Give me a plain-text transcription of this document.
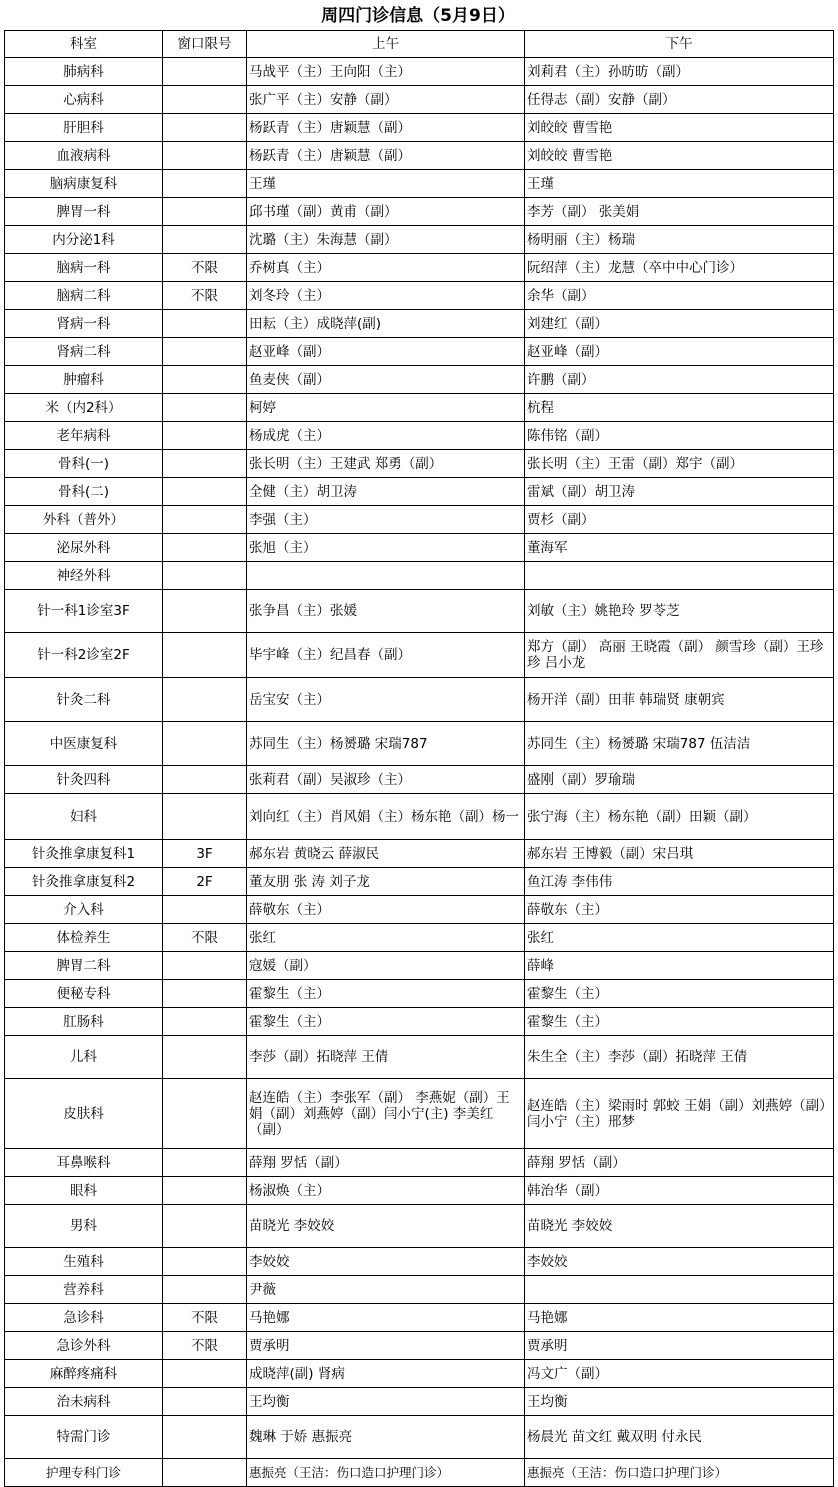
周四门诊信息（5月9日）
科室	窗口限号	上午	下午
肺病科		马战平（主）王向阳（主）	刘莉君（主）孙昉昉（副）
心病科		张广平（主）安静（副）	任得志（副）安静（副）
肝胆科		杨跃青（主）唐颖慧（副）	刘皎皎 曹雪艳
血液病科		杨跃青（主）唐颖慧（副）	刘皎皎 曹雪艳
脑病康复科		王瑾	王瑾
脾胃一科		邱书瑾（副）黄甫（副）	李芳（副） 张美娟
内分泌1科		沈璐（主）朱海慧（副）	杨明丽（主）杨瑞
脑病一科	不限	乔树真（主）	阮绍萍（主）龙慧（卒中中心门诊）
脑病二科	不限	刘冬玲（主）	余华（副）
肾病一科		田耘（主）成晓萍(副)	刘建红（副）
肾病二科		赵亚峰（副）	赵亚峰（副）
肿瘤科		鱼麦侠（副）	许鹏（副）
米（内2科）		柯婷	杭程
老年病科		杨成虎（主）	陈伟铭（副）
骨科(一)		张长明（主）王建武 郑勇（副）	张长明（主）王雷（副）郑宇（副）
骨科(二)		全健（主）胡卫涛	雷斌（副）胡卫涛
外科（普外）		李强（主）	贾杉（副）
泌尿外科		张旭（主）	董海军
神经外科			
针一科1诊室3F		张争昌（主）张媛	刘敏（主）姚艳玲 罗苓芝
针一科2诊室2F		毕宇峰（主）纪昌春（副）	郑方（副） 高丽 王晓霞（副） 颜雪珍（副）王珍珍 吕小龙
针灸二科		岳宝安（主）	杨开洋（副）田菲 韩瑞贤 康朝宾
中医康复科		苏同生（主）杨赟璐 宋瑞787	苏同生（主）杨赟璐 宋瑞787 伍洁洁
针灸四科		张莉君（副）吴淑珍（主）	盛刚（副）罗瑜瑞
妇科		刘向红（主）肖风娟（主）杨东艳（副）杨一	张宁海（主）杨东艳（副）田颖（副）
针灸推拿康复科1	3F	郝东岩 黄晓云 薛淑民	郝东岩 王博毅（副）宋吕琪
针灸推拿康复科2	2F	董友朋 张 涛 刘子龙	鱼江涛 李伟伟
介入科		薛敬东（主）	薛敬东（主）
体检养生	不限	张红	张红
脾胃二科		寇媛（副）	薛峰
便秘专科		霍黎生（主）	霍黎生（主）
肛肠科		霍黎生（主）	霍黎生（主）
儿科		李莎（副）拓晓萍 王倩	朱生全（主）李莎（副）拓晓萍 王倩
皮肤科		赵连皓（主）李张军（副） 李燕妮（副）王娟（副）刘燕婷（副）闫小宁(主) 李美红（副）	赵连皓（主）梁雨时 郭蛟 王娟（副）刘燕婷（副）闫小宁（主）邢梦
耳鼻喉科		薛翔 罗恬（副）	薛翔 罗恬（副）
眼科		杨淑焕（主）	韩治华（副）
男科		苗晓光 李姣姣	苗晓光 李姣姣
生殖科		李姣姣	李姣姣
营养科		尹薇	
急诊科	不限	马艳娜	马艳娜
急诊外科	不限	贾承明	贾承明
麻醉疼痛科		成晓萍(副) 肾病	冯文广（副）
治未病科		王均衡	王均衡
特需门诊		魏琳 于娇 惠振亮	杨晨光 苗文红 戴双明 付永民
护理专科门诊		惠振亮（王洁：伤口造口护理门诊）	惠振亮（王洁：伤口造口护理门诊）
